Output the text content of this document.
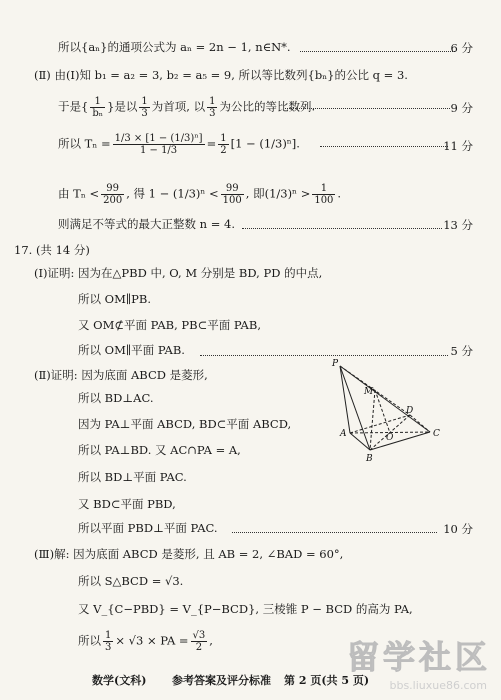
所以{aₙ}的通项公式为 aₙ = 2n − 1, n∈N*.	6 分
(Ⅱ) 由(Ⅰ)知 b₁ = a₂ = 3, b₂ = a₅ = 9, 所以等比数列{bₙ}的公比 q = 3.
于是{ $\frac{1}{\text{bₙ}}$ }是以 $\frac{1}{3}$ 为首项, 以 $\frac{1}{3}$ 为公比的等比数列.	9 分
所以 $T_n = \frac{\text{1/3 × [1 − (1/3)ⁿ]}}{1 - 1/3} = \frac{1}{2} [1 - (1/3)^n]$.	11 分
由 $T_n < \frac{99}{200}$ , 得 $1 - (1/3)^n < \frac{99}{100}$ , 即$(1/3)^n > \frac{1}{100}$ .
则满足不等式的最大正整数 n = 4.	13 分
17. (共 14 分)
(Ⅰ)证明: 因为在△PBD 中, O, M 分别是 BD, PD 的中点,
所以 OM∥PB.
又 OM⊄平面 PAB, PB⊂平面 PAB,
所以 OM∥平面 PAB.	5 分
(Ⅱ)证明: 因为底面 ABCD 是菱形,
所以 BD⊥AC.
因为 PA⊥平面 ABCD, BD⊂平面 ABCD,
所以 PA⊥BD. 又 AC∩PA = A,
所以 BD⊥平面 PAC.
又 BD⊂平面 PBD,
所以平面 PBD⊥平面 PAC.	10 分
(Ⅲ)解: 因为底面 ABCD 是菱形, 且 AB = 2, ∠BAD = 60°,
所以 S△BCD = √3.
又 V_{C−PBD} = V_{P−BCD}, 三棱锥 P − BCD 的高为 PA,
所以 $\frac{1}{3} \times √3$ × PA = $\frac{√3}{2}$ ,
P
M
D
O
A
B
C
数学(文科) 参考答案及评分标准 第 2 页(共 5 页)
留学社区
bbs.liuxue86.com
